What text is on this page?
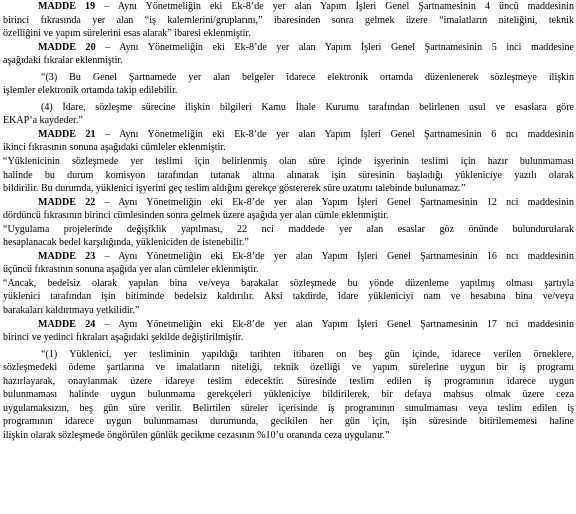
MADDE 19 – Aynı Yönetmeliğin eki Ek-8’de yer alan Yapım İşleri Genel Şartnamesinin 4 üncü maddesinin
birinci fıkrasında yer alan “iş kalemlerini/gruplarını,” ibaresinden sonra gelmek üzere “imalatların niteliğini, teknik
özelliğini ve yapım sürelerini esas alarak” ibaresi eklenmiştir.
MADDE 20 – Aynı Yönetmeliğin eki Ek-8’de yer alan Yapım İşleri Genel Şartnamesinin 5 inci maddesine
aşağıdaki fıkralar eklenmiştir.
“(3) Bu Genel Şartnamede yer alan belgeler idarece elektronik ortamda düzenlenerek sözleşmeye ilişkin
işlemler elektronik ortamda takip edilebilir.
(4) İdare, sözleşme sürecine ilişkin bilgileri Kamu İhale Kurumu tarafından belirlenen usul ve esaslara göre
EKAP’a kaydeder.”
MADDE 21 – Aynı Yönetmeliğin eki Ek-8’de yer alan Yapım İşleri Genel Şartnamesinin 6 ncı maddesinin
ikinci fıkrasının sonuna aşağıdaki cümleler eklenmiştir.
“Yüklenicinin sözleşmede yer teslimi için belirlenmiş olan süre içinde işyerinin teslimi için hazır bulunmaması
halinde bu durum komisyon tarafından tutanak altına alınarak işin süresinin başladığı yükleniciye yazılı olarak
bildirilir. Bu durumda, yüklenici işyerini geç teslim aldığını gerekçe göstererek süre uzatımı talebinde bulunamaz.”
MADDE 22 – Aynı Yönetmeliğin eki Ek-8’de yer alan Yapım İşleri Genel Şartnamesinin 12 nci maddesinin
dördüncü fıkrasının birinci cümlesinden sonra gelmek üzere aşağıda yer alan cümle eklenmiştir.
“Uygulama projelerinde değişiklik yapılması, 22 nci maddede yer alan esaslar göz önünde bulundurularak
hesaplanacak bedel karşılığında, yükleniciden de istenebilir.”
MADDE 23 – Aynı Yönetmeliğin eki Ek-8’de yer alan Yapım İşleri Genel Şartnamesinin 16 ncı maddesinin
üçüncü fıkrasının sonuna aşağıda yer alan cümleler eklenmiştir.
“Ancak, bedelsiz olarak yapılan bina ve/veya barakalar sözleşmede bu yönde düzenleme yapılmış olması şartıyla
yüklenici tarafından işin bitiminde bedelsiz kaldırılır. Aksi takdirde, idare yükleniciyi nam ve hesabına bina ve/veya
barakaları kaldırtmaya yetkilidir.”
MADDE 24 – Aynı Yönetmeliğin eki Ek-8’de yer alan Yapım İşleri Genel Şartnamesinin 17 nci maddesinin
birinci ve yedinci fıkraları aşağıdaki şekilde değiştirilmiştir.
“(1) Yüklenici, yer tesliminin yapıldığı tarihten itibaren on beş gün içinde, idarece verilen örneklere,
sözleşmedeki ödeme şartlarına ve imalatların niteliği, teknik özelliği ve yapım sürelerine uygun bir iş programı
hazırlayarak, onaylanmak üzere idareye teslim edecektir. Süresinde teslim edilen iş programının idarece uygun
bulunmaması halinde uygun bulunmama gerekçeleri yükleniciye bildirilerek, bir defaya mahsus olmak üzere ceza
uygulamaksızın, beş gün süre verilir. Belirtilen süreler içerisinde iş programının sunulmaması veya teslim edilen iş
programının idarece uygun bulunmaması durumunda, gecikilen her gün için, işin süresinde bitirilememesi haline
ilişkin olarak sözleşmede öngörülen günlük gecikme cezasının %10’u oranında ceza uygulanır.”
